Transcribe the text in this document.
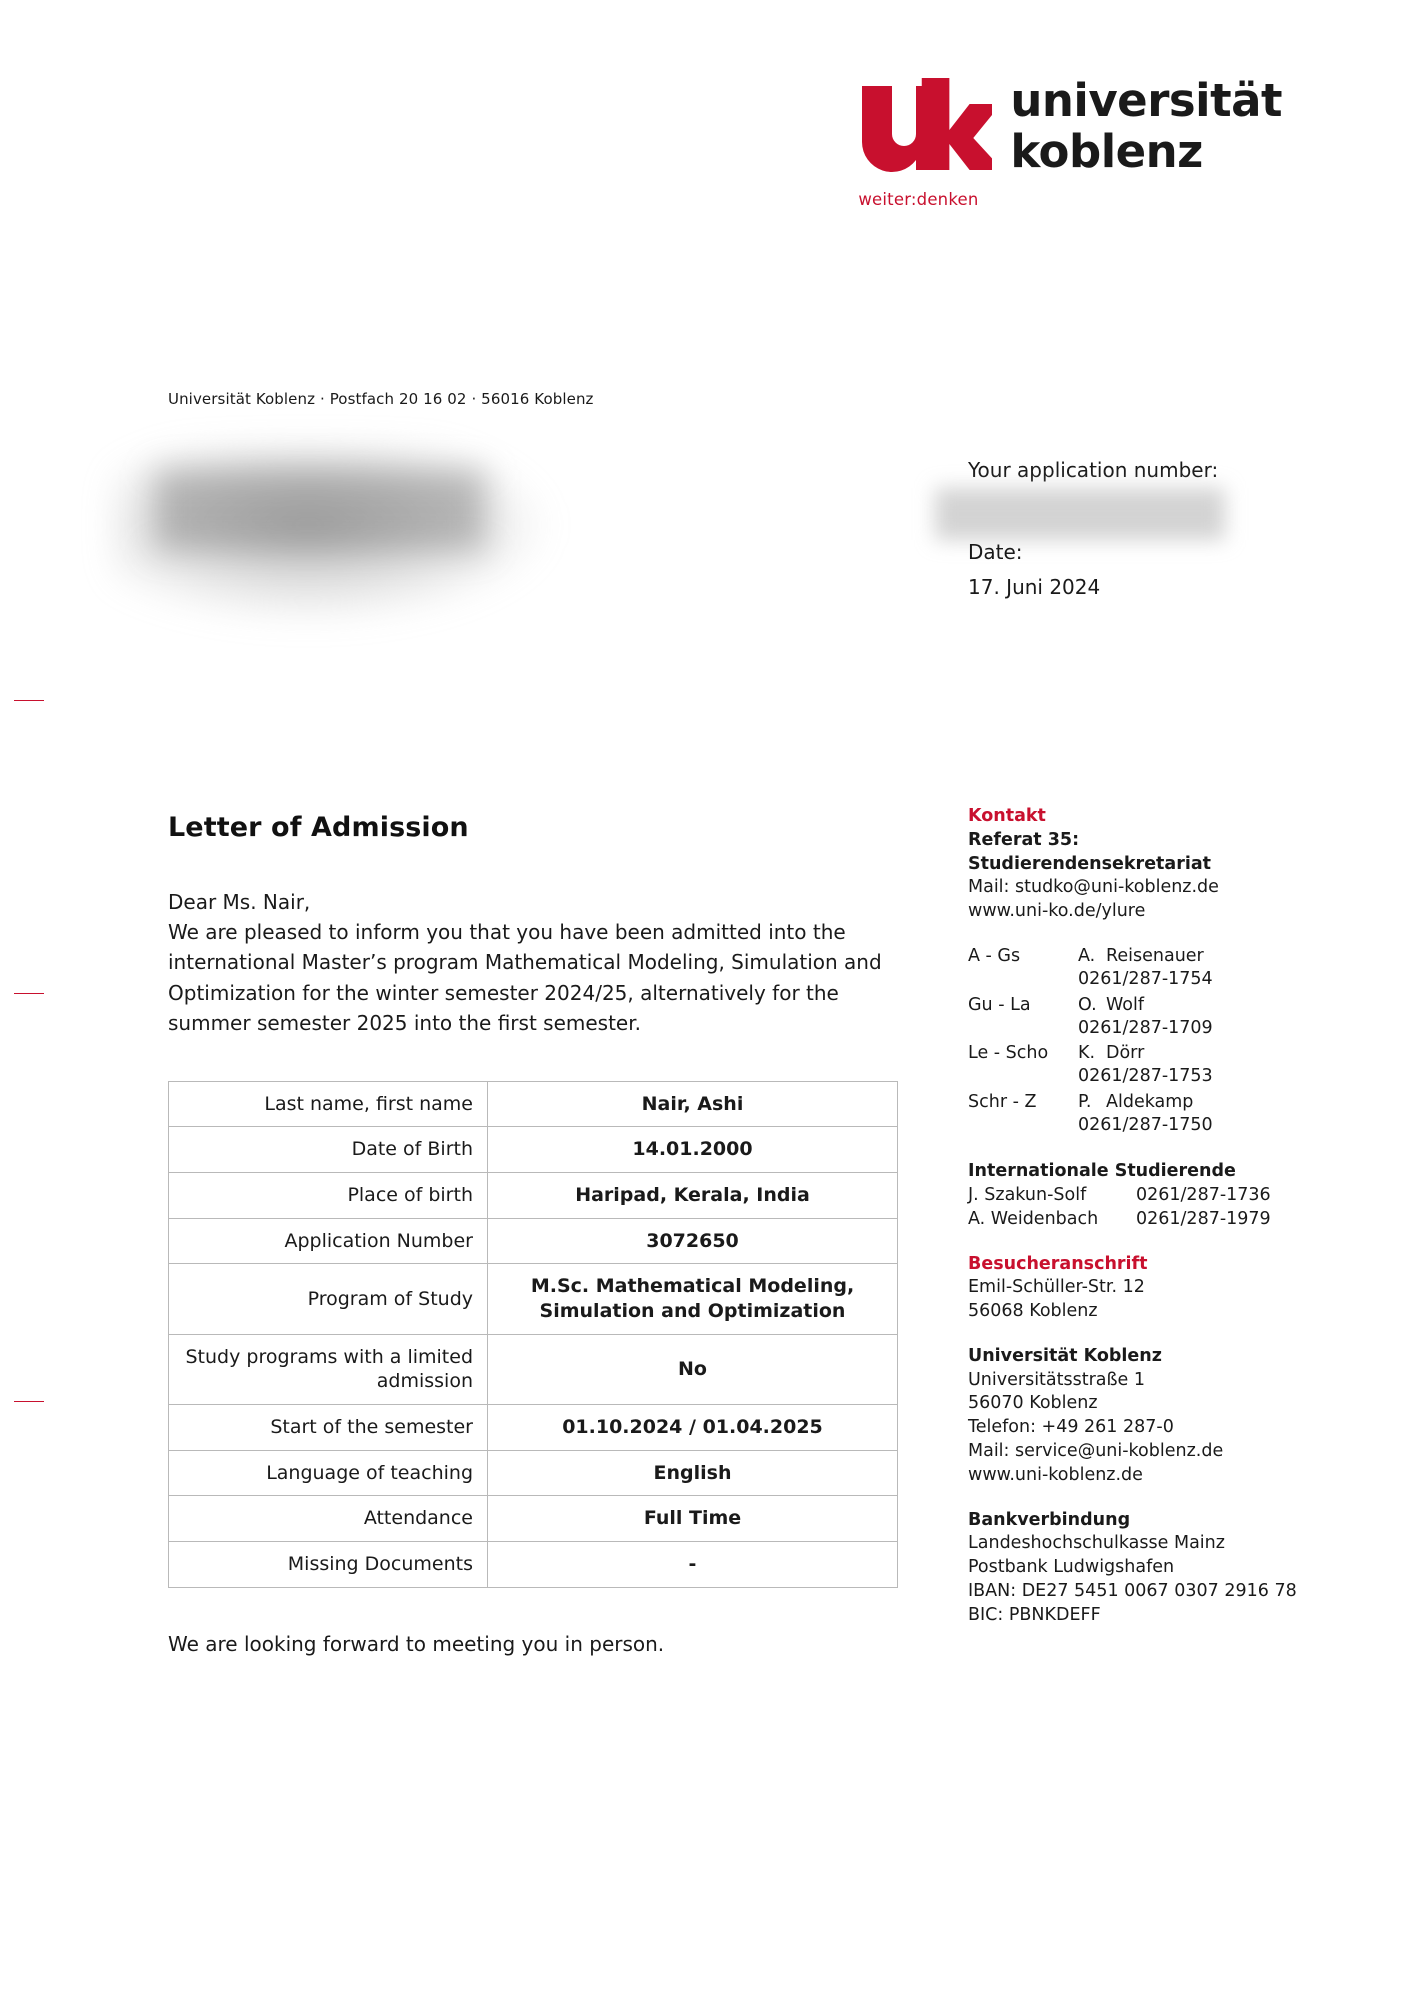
weiter:denken
universität
koblenz
Universität Koblenz · Postfach 20 16 02 · 56016 Koblenz
Your application number:
Date:
17. Juni 2024
Letter of Admission

Dear Ms. Nair,

We are pleased to inform you that you have been admitted into the international Master’s program Mathematical Modeling, Simulation and Optimization for the winter semester 2024/25, alternatively for the summer semester 2025 into the first semester.

Last name, first name	Nair, Ashi
Date of Birth	14.01.2000
Place of birth	Haripad, Kerala, India
Application Number	3072650
Program of Study	M.Sc. Mathematical Modeling, Simulation and Optimization
Study programs with a limited admission	No
Start of the semester	01.10.2024 / 01.04.2025
Language of teaching	English
Attendance	Full Time
Missing Documents	-

We are looking forward to meeting you in person.

Kontakt
Referat 35:
Studierendensekretariat
Mail: studko@uni-koblenz.de
www.uni-ko.de/ylure
A - Gs	A. Reisenauer
0261/287-1754

Gu - La	O. Wolf
0261/287-1709

Le - Scho	K. Dörr
0261/287-1753

Schr - Z	P. Aldekamp
0261/287-1750
Internationale Studierende
J. Szakun-Solf	0261/287-1736
A. Weidenbach	0261/287-1979
Besucheranschrift
Emil-Schüller-Str. 12
56068 Koblenz
Universität Koblenz
Universitätsstraße 1
56070 Koblenz
Telefon: +49 261 287-0
Mail: service@uni-koblenz.de
www.uni-koblenz.de
Bankverbindung
Landeshochschulkasse Mainz
Postbank Ludwigshafen
IBAN: DE27 5451 0067 0307 2916 78
BIC: PBNKDEFF
